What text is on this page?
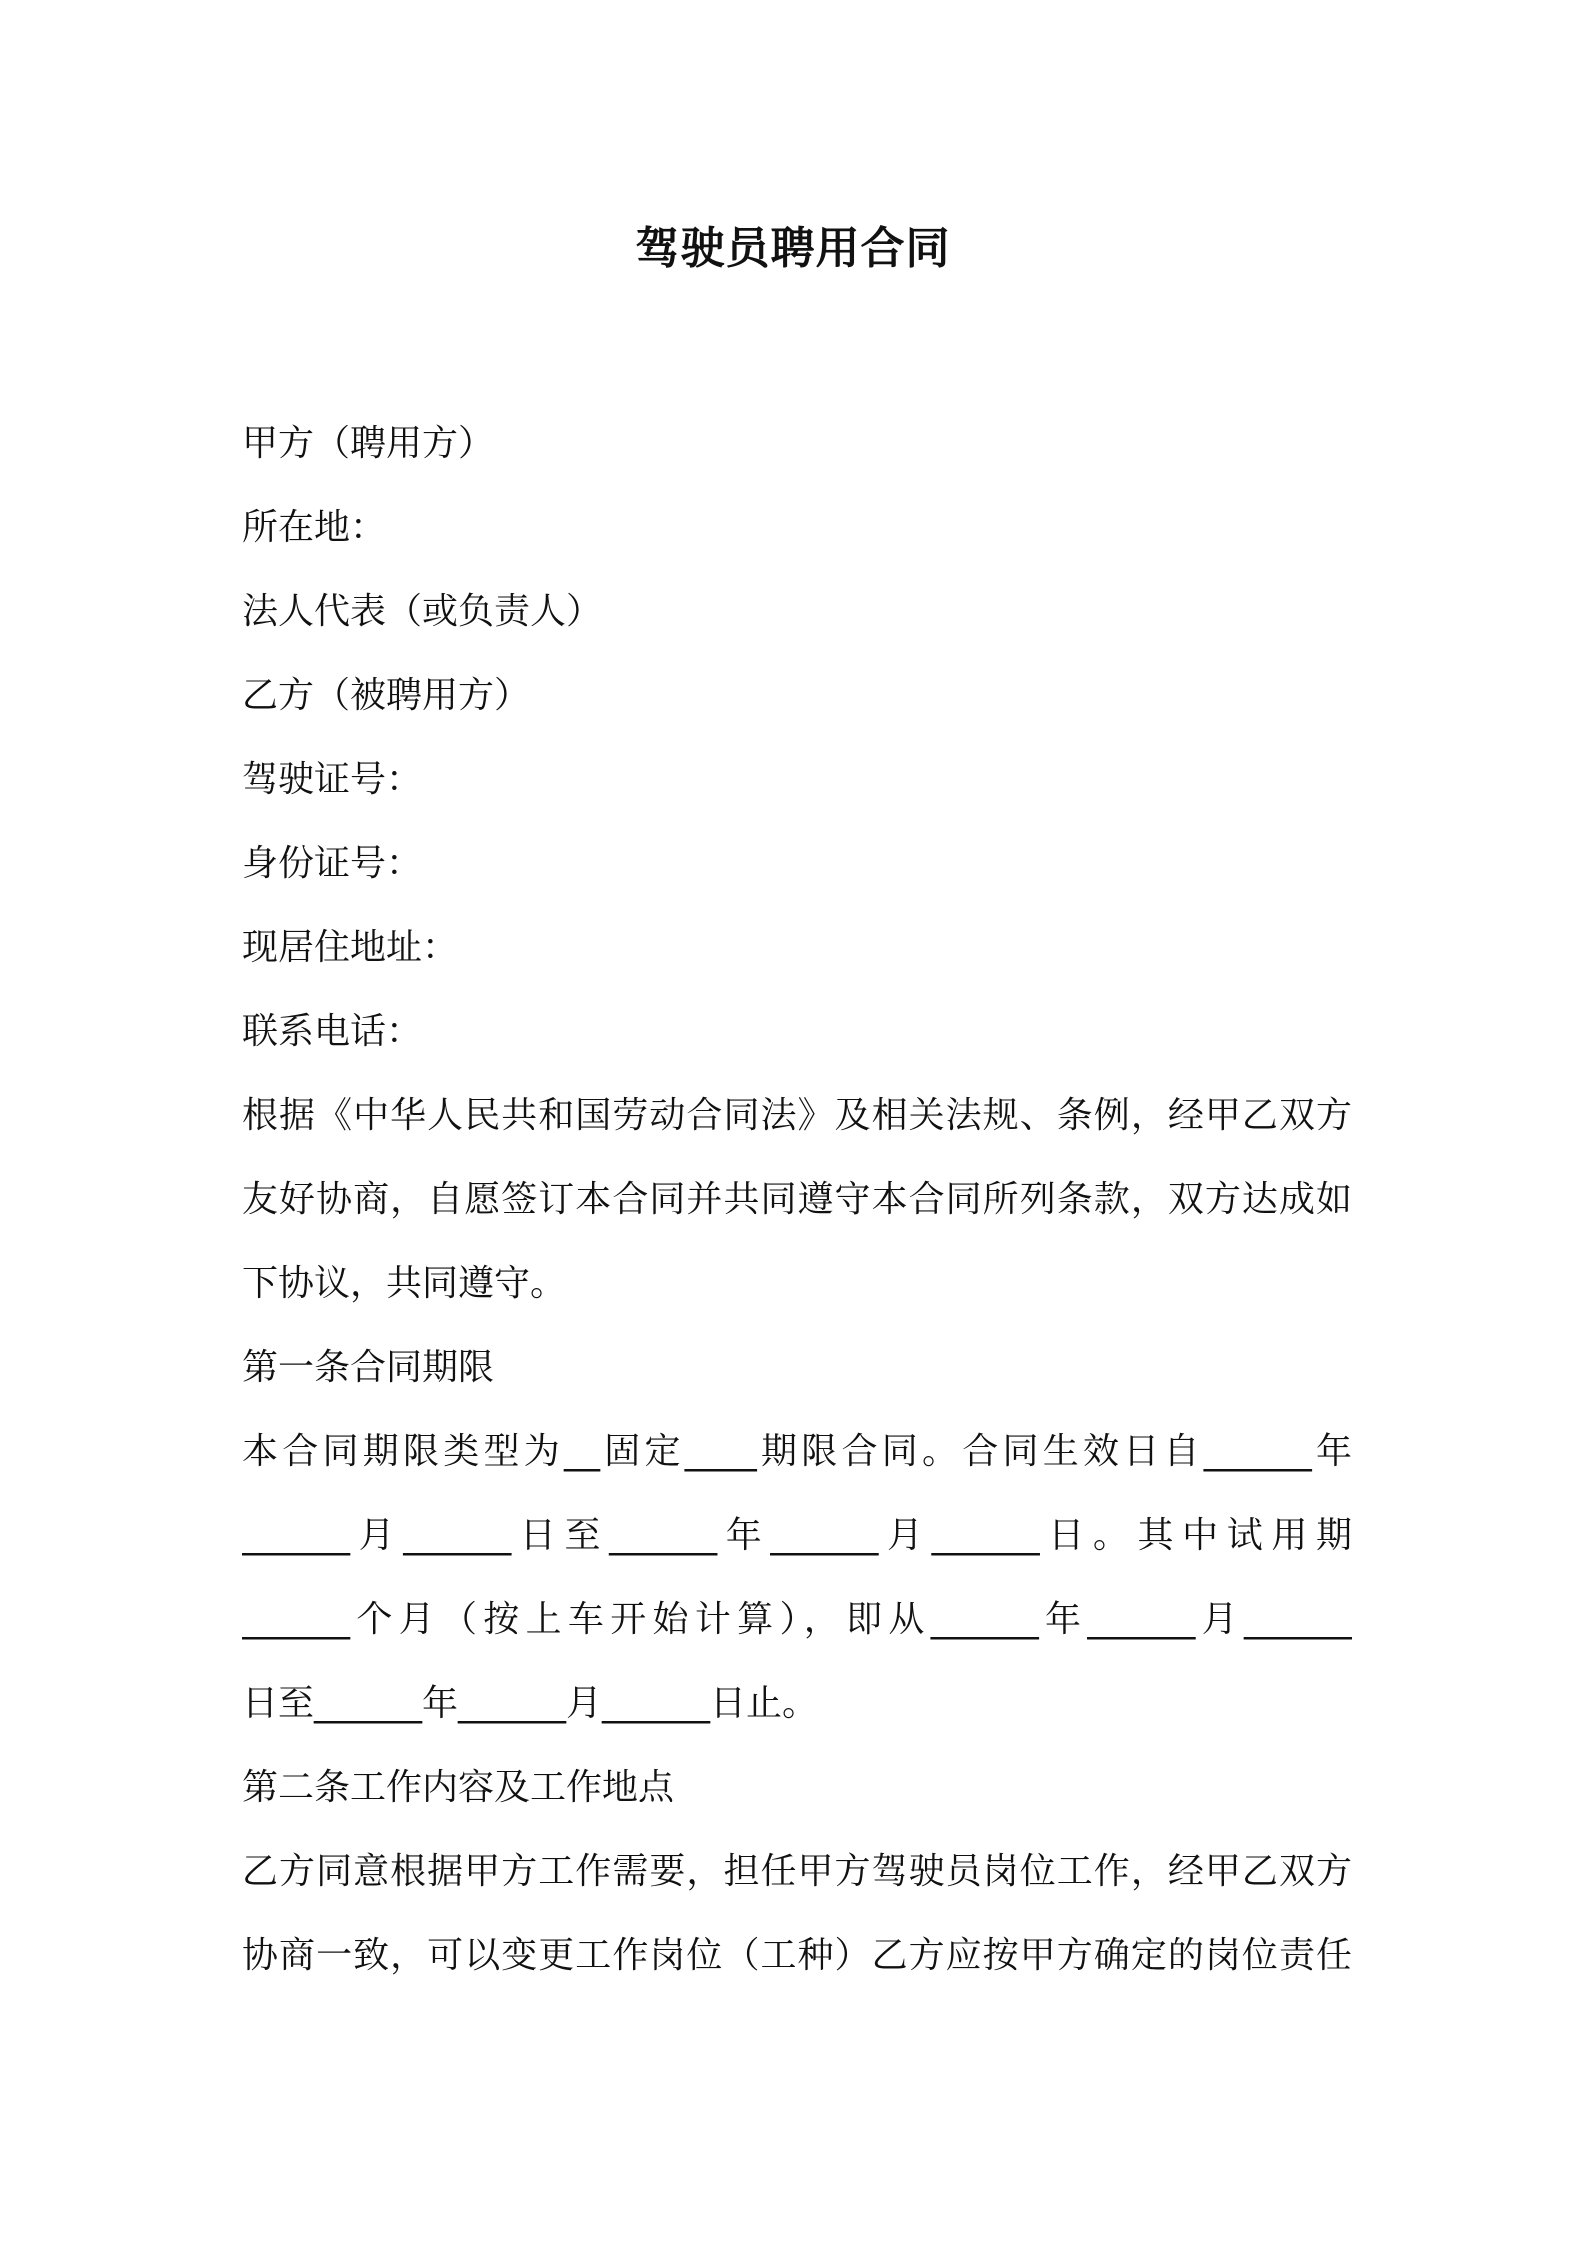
驾驶员聘用合同
甲方（聘用方）
所在地：
法人代表（或负责人）
乙方（被聘用方）
驾驶证号：
身份证号：
现居住地址：
联系电话：
根据《中华人民共和国劳动合同法》及相关法规、条例，经甲乙双方
友好协商，自愿签订本合同并共同遵守本合同所列条款，双方达成如
下协议，共同遵守。
第一条合同期限
本合同期限类型为__固定____期限合同。合同生效日自______年
______月______日至______年______月______日。其中试用期
______个月（按上车开始计算），即从______年______月______
日至______年______月______日止。
第二条工作内容及工作地点
乙方同意根据甲方工作需要，担任甲方驾驶员岗位工作，经甲乙双方
协商一致，可以变更工作岗位（工种）乙方应按甲方确定的岗位责任
